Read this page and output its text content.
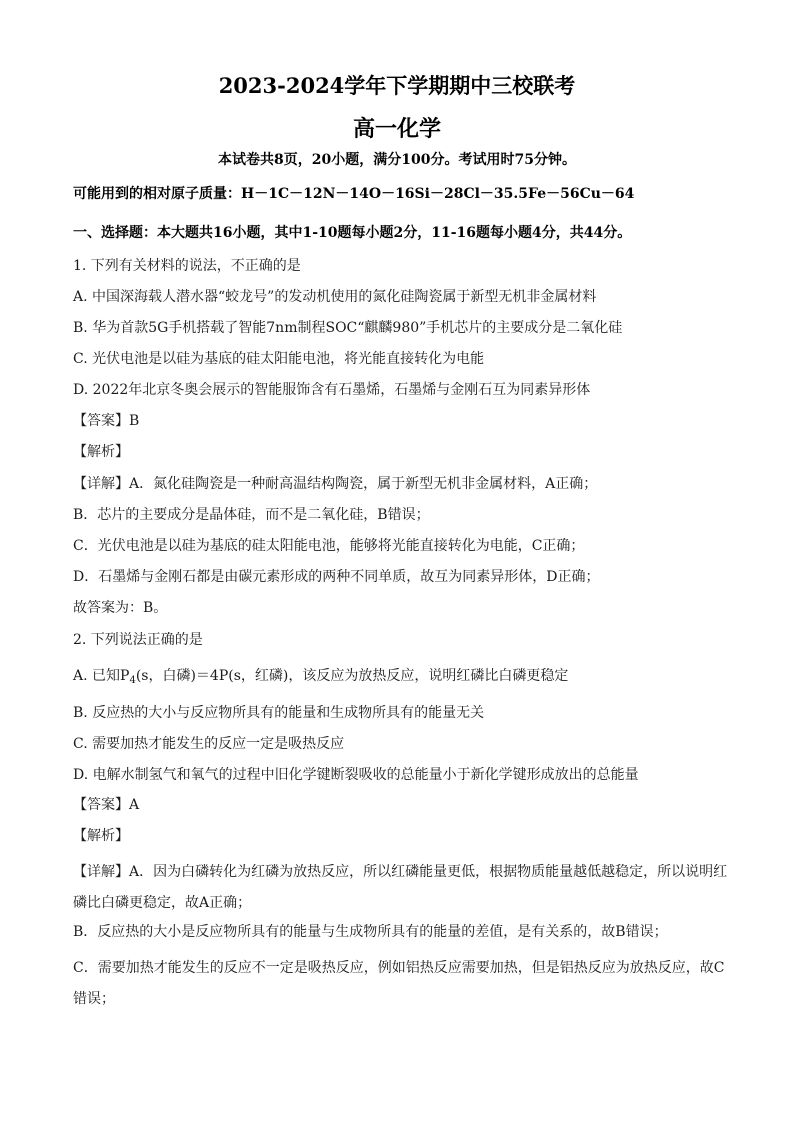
2023-2024学年下学期期中三校联考
高一化学
本试卷共8页，20小题，满分100分。考试用时75分钟。
可能用到的相对原子质量：H－1C－12N－14O－16Si－28Cl－35.5Fe－56Cu－64
一、选择题：本大题共16小题，其中1-10题每小题2分，11-16题每小题4分，共44分。
1. 下列有关材料的说法，不正确的是
A. 中国深海载人潜水器“蛟龙号”的发动机使用的氮化硅陶瓷属于新型无机非金属材料
B. 华为首款5G手机搭载了智能7nm制程SOC“麒麟980”手机芯片的主要成分是二氧化硅
C. 光伏电池是以硅为基底的硅太阳能电池，将光能直接转化为电能
D. 2022年北京冬奥会展示的智能服饰含有石墨烯，石墨烯与金刚石互为同素异形体
【答案】B
【解析】
【详解】A．氮化硅陶瓷是一种耐高温结构陶瓷，属于新型无机非金属材料，A正确；
B．芯片的主要成分是晶体硅，而不是二氧化硅，B错误；
C．光伏电池是以硅为基底的硅太阳能电池，能够将光能直接转化为电能，C正确；
D．石墨烯与金刚石都是由碳元素形成的两种不同单质，故互为同素异形体，D正确；
故答案为：B。
2. 下列说法正确的是
A. 已知$P_4(s$，白磷)＝4P(s，红磷)，该反应为放热反应，说明红磷比白磷更稳定
B. 反应热的大小与反应物所具有的能量和生成物所具有的能量无关
C. 需要加热才能发生的反应一定是吸热反应
D. 电解水制氢气和氧气的过程中旧化学键断裂吸收的总能量小于新化学键形成放出的总能量
【答案】A
【解析】
【详解】A．因为白磷转化为红磷为放热反应，所以红磷能量更低，根据物质能量越低越稳定，所以说明红磷比白磷更稳定，故A正确；
B．反应热的大小是反应物所具有的能量与生成物所具有的能量的差值，是有关系的，故B错误；
C．需要加热才能发生的反应不一定是吸热反应，例如铝热反应需要加热，但是铝热反应为放热反应，故C错误；
